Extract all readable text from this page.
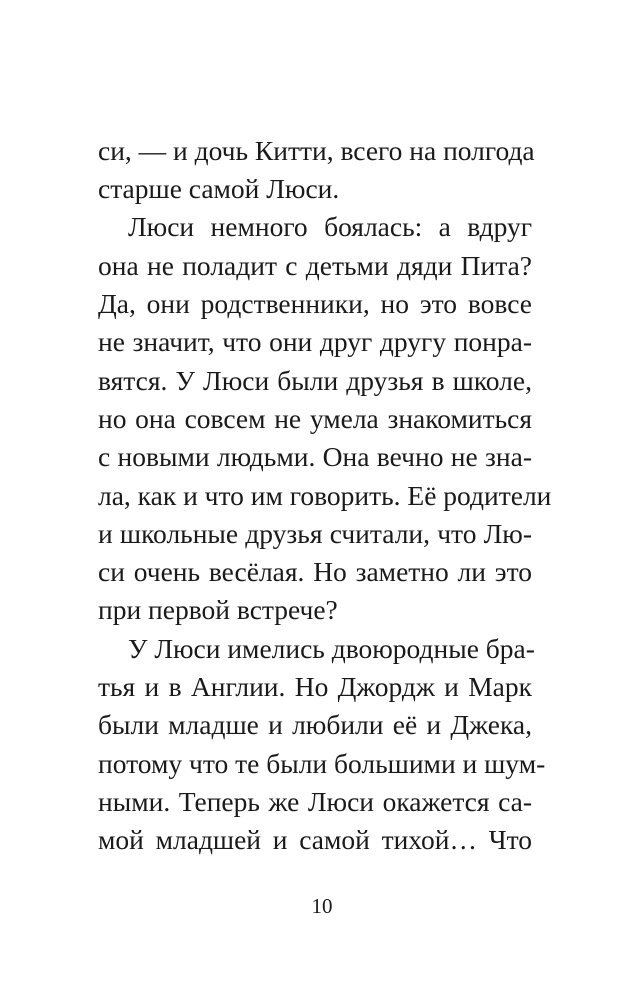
си, — и дочь Китти, всего на полгода
старше самой Люси.
Люси немного боялась: а вдруг
она не поладит с детьми дяди Пита?
Да, они родственники, но это вовсе
не значит, что они друг другу понра-
вятся. У Люси были друзья в школе,
но она совсем не умела знакомиться
с новыми людьми. Она вечно не зна-
ла, как и что им говорить. Её родители
и школьные друзья считали, что Лю-
си очень весёлая. Но заметно ли это
при первой встрече?
У Люси имелись двоюродные бра-
тья и в Англии. Но Джордж и Марк
были младше и любили её и Джека,
потому что те были большими и шум-
ными. Теперь же Люси окажется са-
мой младшей и самой тихой… Что
10
